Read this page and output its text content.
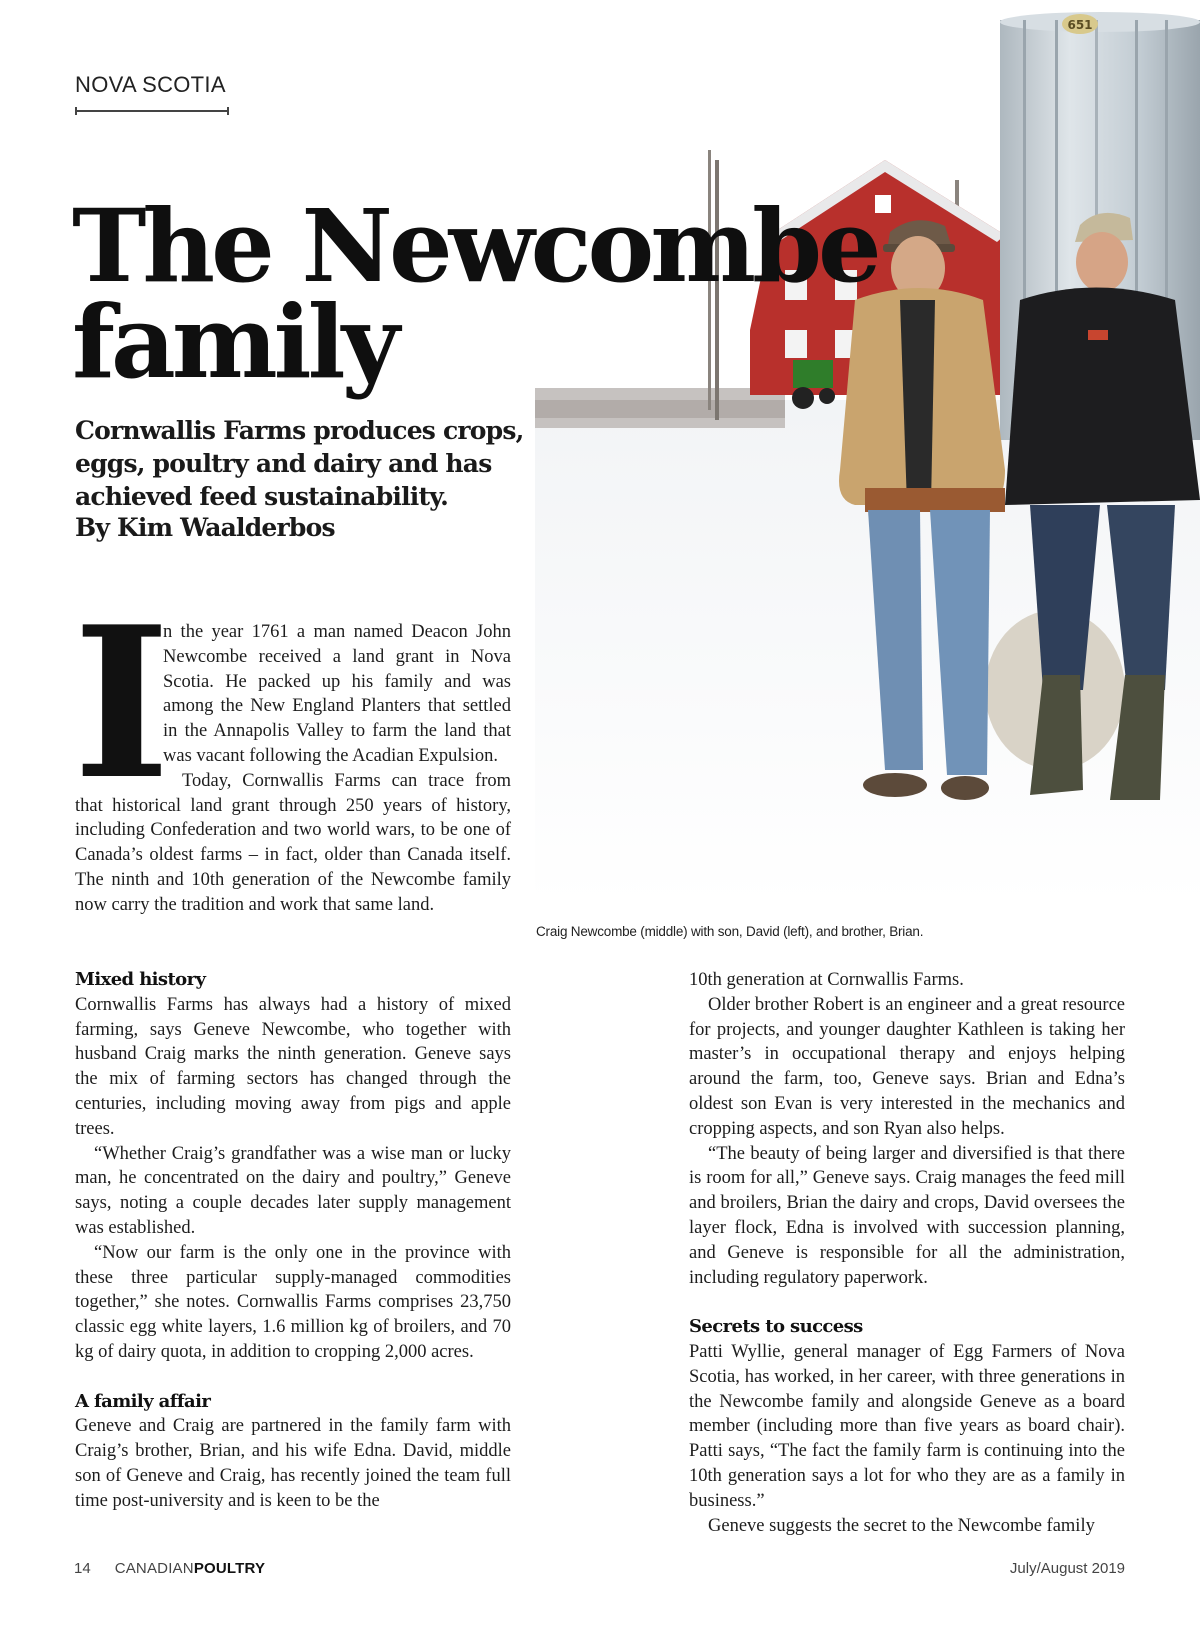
NOVA SCOTIA
651
The Newcombe family

Cornwallis Farms produces crops, eggs, poultry and dairy and has achieved feed sustainability.

By Kim Waalderbos
Craig Newcombe (middle) with son, David (left), and brother, Brian.

I
n the year 1761 a man named Deacon John Newcombe received a land grant in Nova Scotia. He packed up his family and was among the New England Planters that settled in the Annapolis Valley to farm the land that was vacant following the Acadian Expulsion.

Today, Cornwallis Farms can trace from that historical land grant through 250 years of history, including Confederation and two world wars, to be one of Canada’s oldest farms – in fact, older than Canada itself. The ninth and 10th generation of the Newcombe family now carry the tradition and work that same land.

Mixed history

Cornwallis Farms has always had a history of mixed farming, says Geneve Newcombe, who together with husband Craig marks the ninth generation. Geneve says the mix of farming sectors has changed through the centuries, including moving away from pigs and apple trees.

“Whether Craig’s grandfather was a wise man or lucky man, he concentrated on the dairy and poultry,” Geneve says, noting a couple decades later supply management was established.

“Now our farm is the only one in the province with these three particular supply-managed commodities together,” she notes. Cornwallis Farms comprises 23,750 classic egg white layers, 1.6 million kg of broilers, and 70 kg of dairy quota, in addition to cropping 2,000 acres.

A family affair

Geneve and Craig are partnered in the family farm with Craig’s brother, Brian, and his wife Edna. David, middle son of Geneve and Craig, has recently joined the team full time post-university and is keen to be the

10th generation at Cornwallis Farms.

Older brother Robert is an engineer and a great resource for projects, and younger daughter Kathleen is taking her master’s in occupational therapy and enjoys helping around the farm, too, Geneve says. Brian and Edna’s oldest son Evan is very interested in the mechanics and cropping aspects, and son Ryan also helps.

“The beauty of being larger and diversified is that there is room for all,” Geneve says. Craig manages the feed mill and broilers, Brian the dairy and crops, David oversees the layer flock, Edna is involved with succession planning, and Geneve is responsible for all the administration, including regulatory paperwork.

Secrets to success

Patti Wyllie, general manager of Egg Farmers of Nova Scotia, has worked, in her career, with three generations in the Newcombe family and alongside Geneve as a board member (including more than five years as board chair). Patti says, “The fact the family farm is continuing into the 10th generation says a lot for who they are as a family in business.”

Geneve suggests the secret to the Newcombe family

14 CANADIANPOULTRY	July/August 2019
